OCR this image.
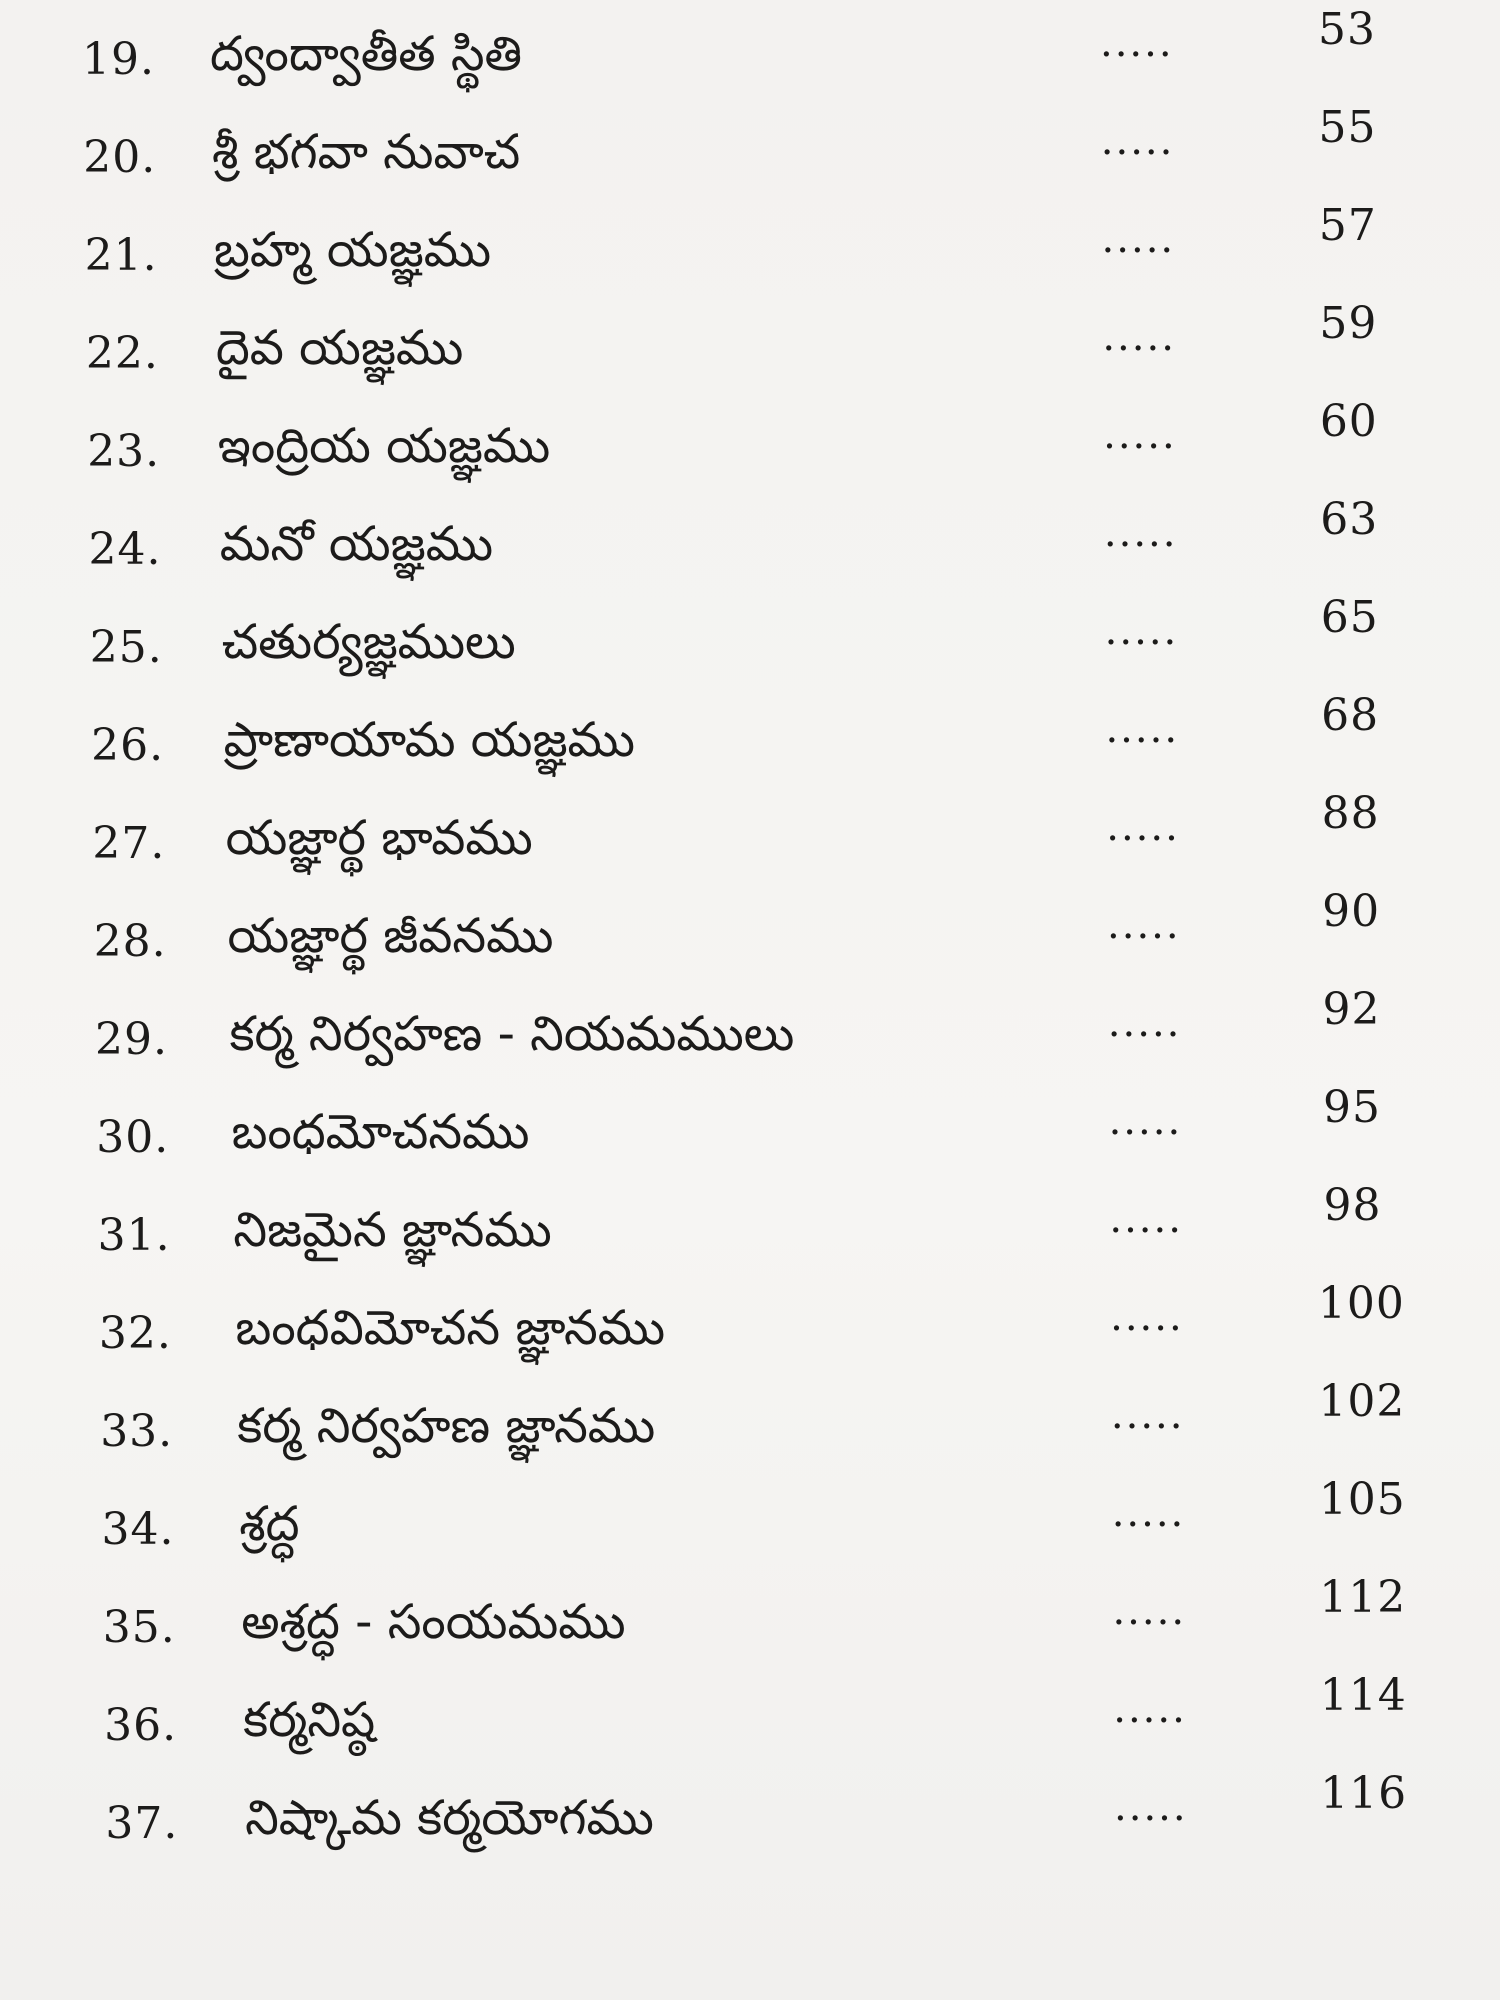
19. ద్వంద్వాతీత స్థితి	.....	53
20. శ్రీ భగవా నువాచ	.....	55
21. బ్రహ్మ యజ్ఞము	.....	57
22. దైవ యజ్ఞము	.....	59
23. ఇంద్రియ యజ్ఞము	.....	60
24. మనో యజ్ఞము	.....	63
25. చతుర్యజ్ఞములు	.....	65
26. ప్రాణాయామ యజ్ఞము	.....	68
27. యజ్ఞార్థ భావము	.....	88
28. యజ్ఞార్థ జీవనము	.....	90
29. కర్మ నిర్వహణ - నియమములు	.....	92
30. బంధమోచనము	.....	95
31. నిజమైన జ్ఞానము	.....	98
32. బంధవిమోచన జ్ఞానము	.....	100
33. కర్మ నిర్వహణ జ్ఞానము	.....	102
34. శ్రద్ధ	.....	105
35. అశ్రద్ధ - సంయమము	.....	112
36. కర్మనిష్ఠ	.....	114
37. నిష్కామ కర్మయోగము	.....	116
